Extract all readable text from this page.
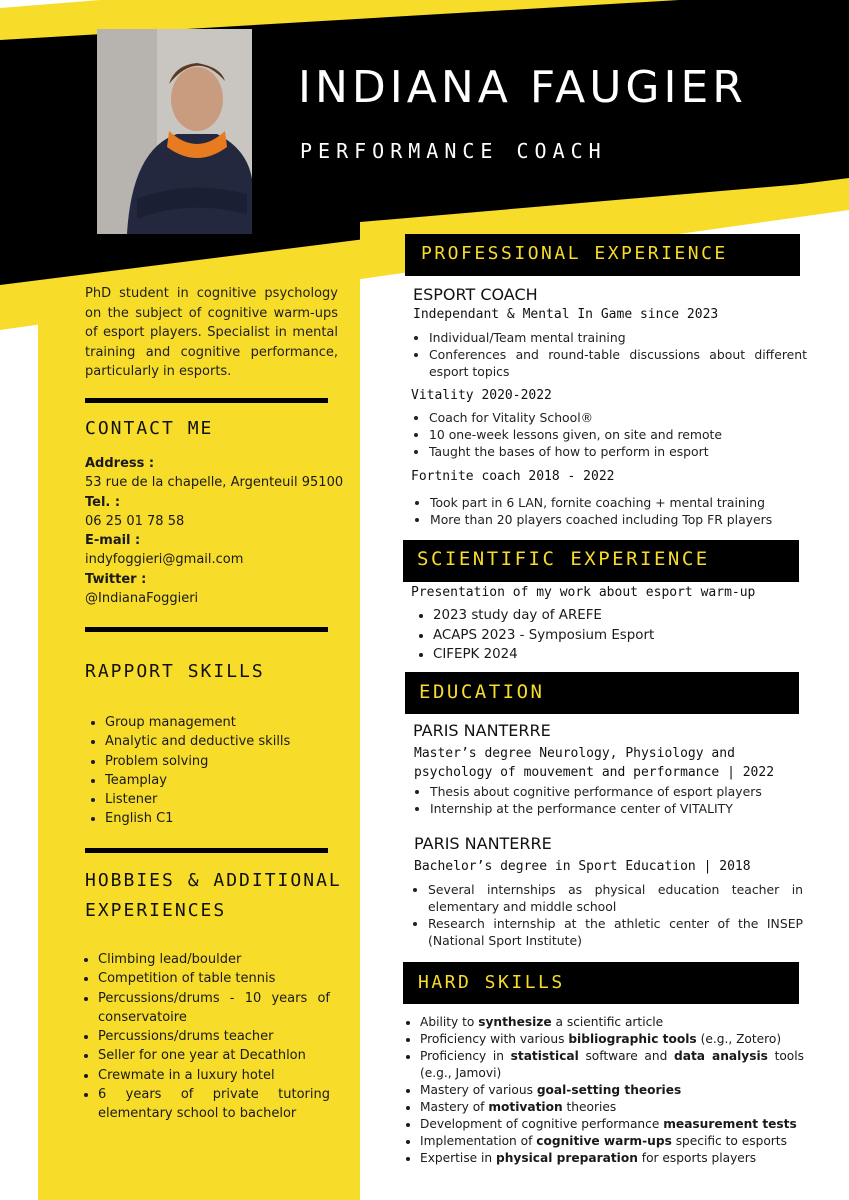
INDIANA FAUGIER
PERFORMANCE COACH

PhD student in cognitive psychology on the subject of cognitive warm-ups of esport players. Specialist in mental training and cognitive performance, particularly in esports.

CONTACT ME
Address :
53 rue de la chapelle, Argenteuil 95100
Tel. :
06 25 01 78 58
E-mail :
indyfoggieri@gmail.com
Twitter :
@IndianaFoggieri
RAPPORT SKILLS
• Group management
• Analytic and deductive skills
• Problem solving
• Teamplay
• Listener
• English C1
HOBBIES & ADDITIONAL EXPERIENCES
• Climbing lead/boulder
• Competition of table tennis
• Percussions/drums - 10 years of conservatoire
• Percussions/drums teacher
• Seller for one year at Decathlon
• Crewmate in a luxury hotel
• 6 years of private tutoring elementary school to bachelor
PROFESSIONAL EXPERIENCE
ESPORT COACH
Independant & Mental In Game since 2023
• Individual/Team mental training
• Conferences and round-table discussions about different esport topics
Vitality 2020-2022
• Coach for Vitality School®
• 10 one-week lessons given, on site and remote
• Taught the bases of how to perform in esport
Fortnite coach 2018 - 2022
• Took part in 6 LAN, fornite coaching + mental training
• More than 20 players coached including Top FR players
SCIENTIFIC EXPERIENCE
Presentation of my work about esport warm-up
• 2023 study day of AREFE
• ACAPS 2023 - Symposium Esport
• CIFEPK 2024
EDUCATION
PARIS NANTERRE
Master’s degree Neurology, Physiology and
psychology of mouvement and performance | 2022
• Thesis about cognitive performance of esport players
• Internship at the performance center of VITALITY
PARIS NANTERRE
Bachelor’s degree in Sport Education | 2018
• Several internships as physical education teacher in elementary and middle school
• Research internship at the athletic center of the INSEP (National Sport Institute)
HARD SKILLS
• Ability to synthesize a scientific article
• Proficiency with various bibliographic tools (e.g., Zotero)
• Proficiency in statistical software and data analysis tools (e.g., Jamovi)
• Mastery of various goal-setting theories
• Mastery of motivation theories
• Development of cognitive performance measurement tests
• Implementation of cognitive warm-ups specific to esports
• Expertise in physical preparation for esports players
